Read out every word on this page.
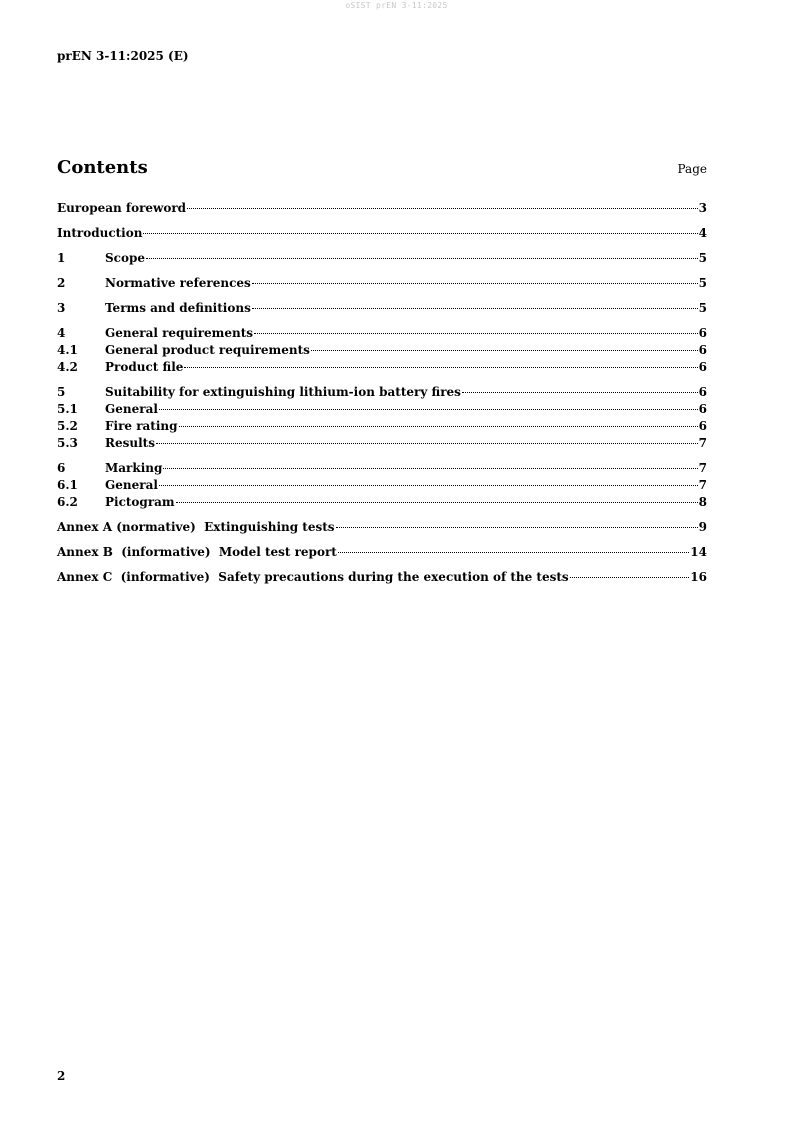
oSIST prEN 3-11:2025
prEN 3-11:2025 (E)
Contents	Page
European foreword	3
Introduction	4
1	Scope	5
2	Normative references	5
3	Terms and definitions	5
4	General requirements	6
4.1	General product requirements	6
4.2	Product file	6
5	Suitability for extinguishing lithium-ion battery fires	6
5.1	General	6
5.2	Fire rating	6
5.3	Results	7
6	Marking	7
6.1	General	7
6.2	Pictogram	8
Annex A (normative)  Extinguishing tests	9
Annex B  (informative)  Model test report	14
Annex C  (informative)  Safety precautions during the execution of the tests	16
2
